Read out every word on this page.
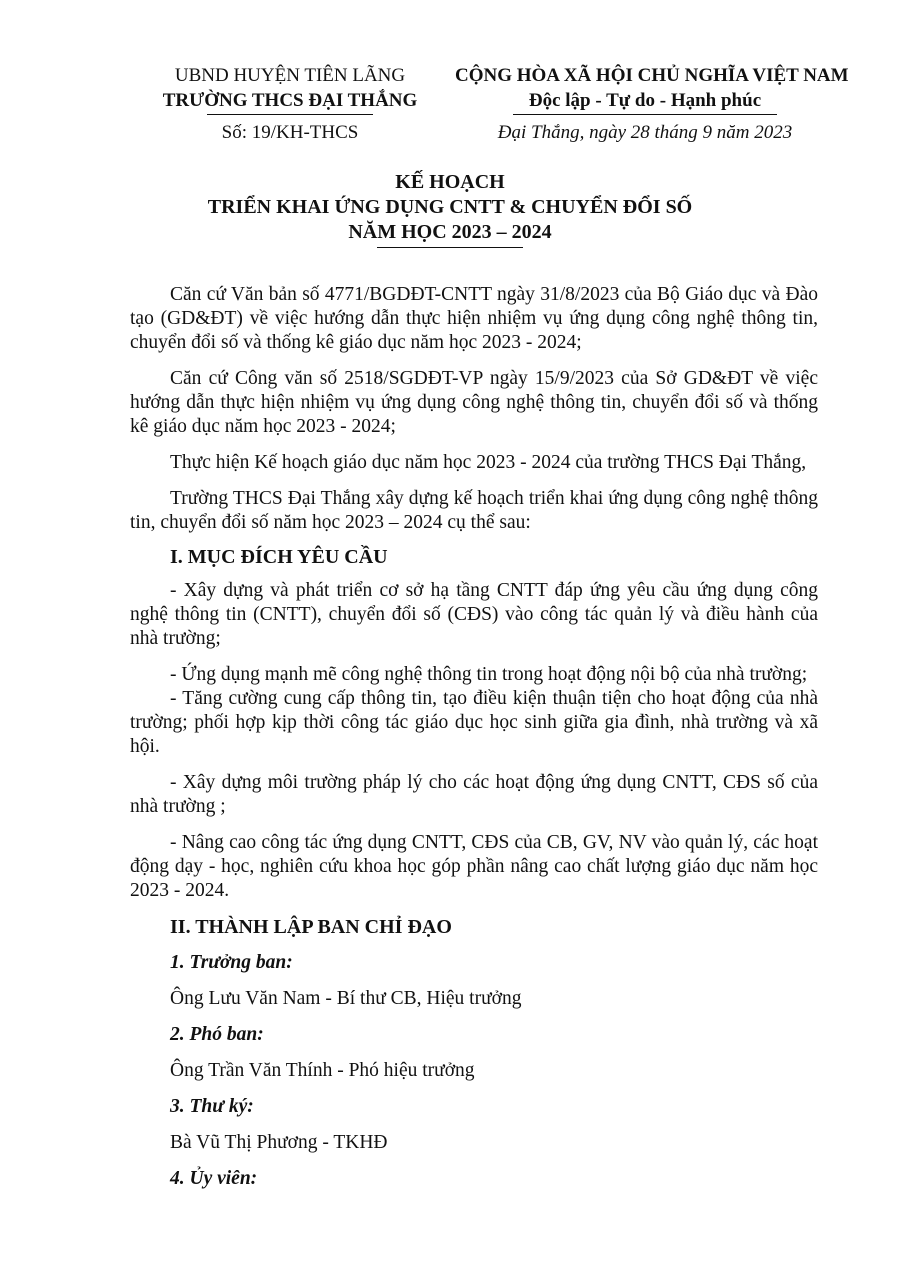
UBND HUYỆN TIÊN LÃNG
TRƯỜNG THCS ĐẠI THẮNG
CỘNG HÒA XÃ HỘI CHỦ NGHĨA VIỆT NAM
Độc lập - Tự do - Hạnh phúc
Số: 19/KH-THCS	Đại Thắng, ngày 28 tháng 9 năm 2023
KẾ HOẠCH
TRIỂN KHAI ỨNG DỤNG CNTT & CHUYỂN ĐỔI SỐ
NĂM HỌC 2023 – 2024

Căn cứ Văn bản số 4771/BGDĐT-CNTT ngày 31/8/2023 của Bộ Giáo dục và Đào tạo (GD&ĐT) về việc hướng dẫn thực hiện nhiệm vụ ứng dụng công nghệ thông tin, chuyển đổi số và thống kê giáo dục năm học 2023 - 2024;

Căn cứ Công văn số 2518/SGDĐT-VP ngày 15/9/2023 của Sở GD&ĐT về việc hướng dẫn thực hiện nhiệm vụ ứng dụng công nghệ thông tin, chuyển đổi số và thống kê giáo dục năm học 2023 - 2024;

Thực hiện Kế hoạch giáo dục năm học 2023 - 2024 của trường THCS Đại Thắng,

Trường THCS Đại Thắng xây dựng kế hoạch triển khai ứng dụng công nghệ thông tin, chuyển đổi số năm học 2023 – 2024 cụ thể sau:

I. MỤC ĐÍCH YÊU CẦU

- Xây dựng và phát triển cơ sở hạ tầng CNTT đáp ứng yêu cầu ứng dụng công nghệ thông tin (CNTT), chuyển đổi số (CĐS) vào công tác quản lý và điều hành của nhà trường;

- Ứng dụng mạnh mẽ công nghệ thông tin trong hoạt động nội bộ của nhà trường;

- Tăng cường cung cấp thông tin, tạo điều kiện thuận tiện cho hoạt động của nhà trường; phối hợp kịp thời công tác giáo dục học sinh giữa gia đình, nhà trường và xã hội.

- Xây dựng môi trường pháp lý cho các hoạt động ứng dụng CNTT, CĐS số của nhà trường ;

- Nâng cao công tác ứng dụng CNTT, CĐS của CB, GV, NV vào quản lý, các hoạt động dạy - học, nghiên cứu khoa học góp phần nâng cao chất lượng giáo dục năm học 2023 - 2024.

II. THÀNH LẬP BAN CHỈ ĐẠO

1. Trưởng ban:

Ông Lưu Văn Nam - Bí thư CB, Hiệu trưởng

2. Phó ban:

Ông Trần Văn Thính - Phó hiệu trưởng

3. Thư ký:

Bà Vũ Thị Phương - TKHĐ

4. Ủy viên:
